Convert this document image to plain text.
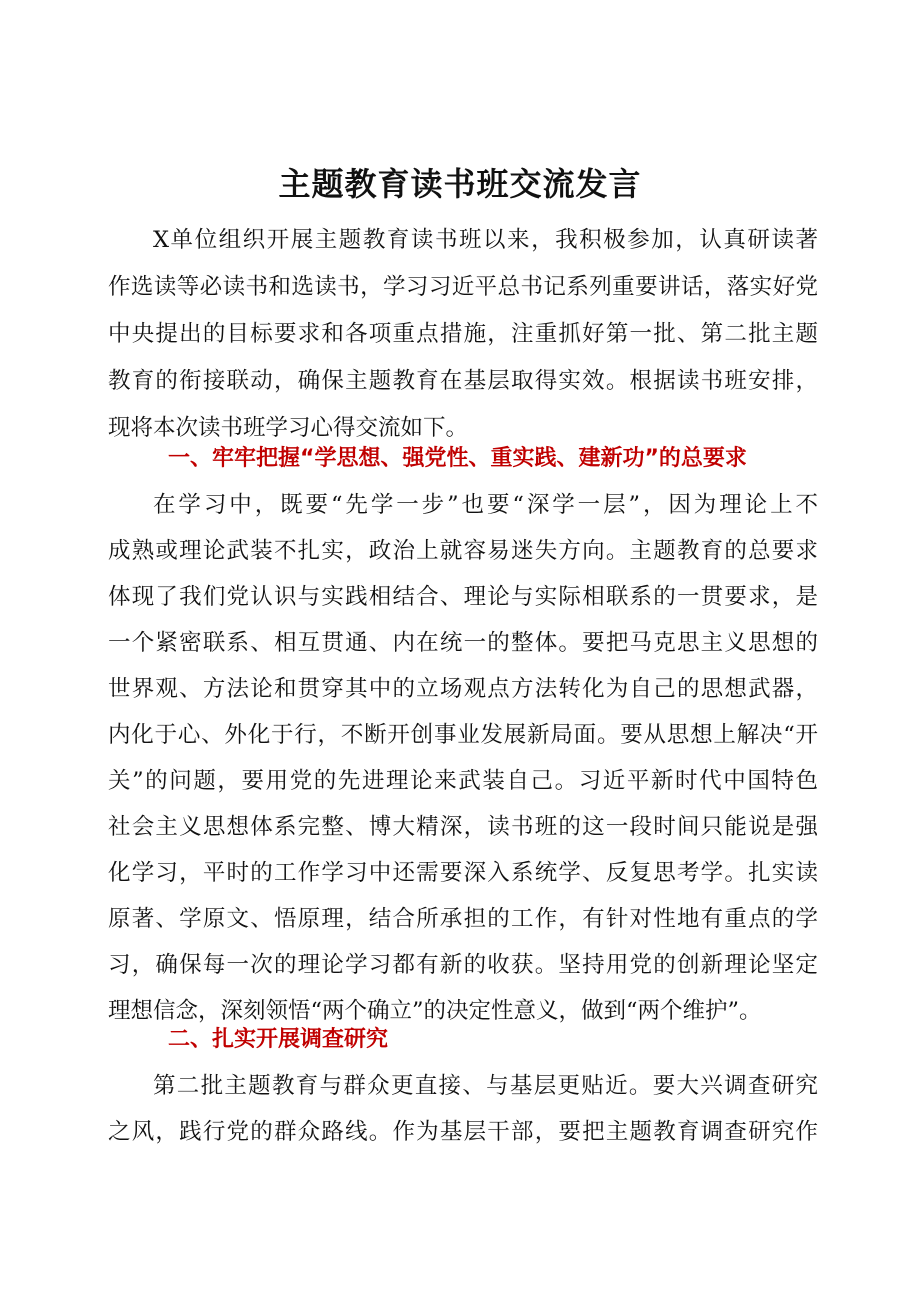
主题教育读书班交流发言
X单位组织开展主题教育读书班以来，我积极参加，认真研读著
作选读等必读书和选读书，学习习近平总书记系列重要讲话，落实好党
中央提出的目标要求和各项重点措施，注重抓好第一批、第二批主题
教育的衔接联动，确保主题教育在基层取得实效。根据读书班安排，
现将本次读书班学习心得交流如下。
一、牢牢把握“学思想、强党性、重实践、建新功”的总要求
在学习中，既要“先学一步”也要“深学一层”，因为理论上不
成熟或理论武装不扎实，政治上就容易迷失方向。主题教育的总要求
体现了我们党认识与实践相结合、理论与实际相联系的一贯要求，是
一个紧密联系、相互贯通、内在统一的整体。要把马克思主义思想的
世界观、方法论和贯穿其中的立场观点方法转化为自己的思想武器，
内化于心、外化于行，不断开创事业发展新局面。要从思想上解决“开
关”的问题，要用党的先进理论来武装自己。习近平新时代中国特色
社会主义思想体系完整、博大精深，读书班的这一段时间只能说是强
化学习，平时的工作学习中还需要深入系统学、反复思考学。扎实读
原著、学原文、悟原理，结合所承担的工作，有针对性地有重点的学
习，确保每一次的理论学习都有新的收获。坚持用党的创新理论坚定
理想信念，深刻领悟“两个确立”的决定性意义，做到“两个维护”。
二、扎实开展调查研究
第二批主题教育与群众更直接、与基层更贴近。要大兴调查研究
之风，践行党的群众路线。作为基层干部，要把主题教育调查研究作
